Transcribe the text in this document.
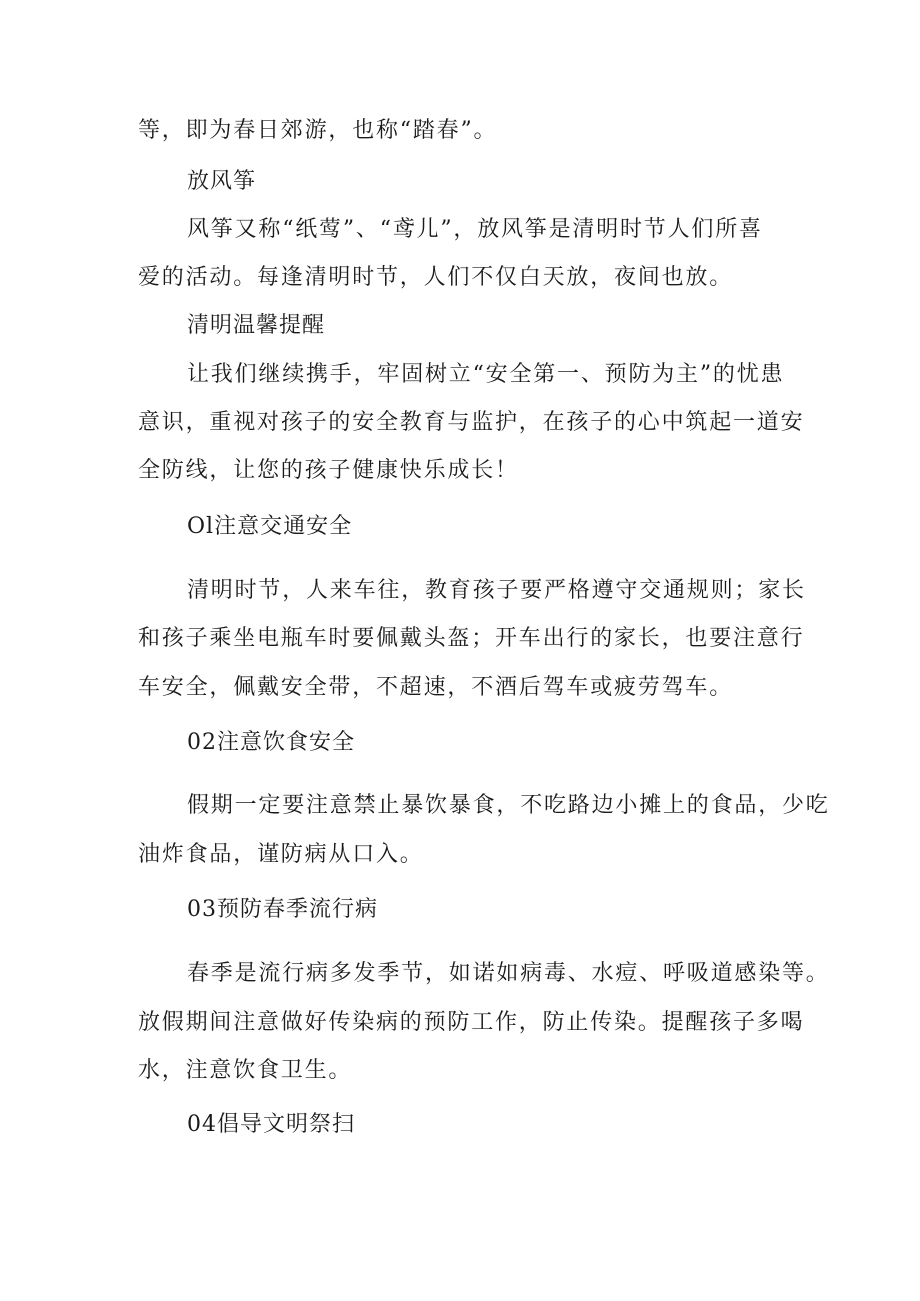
等，即为春日郊游，也称“踏春”。

放风筝

风筝又称“纸莺”、“鸢儿”，放风筝是清明时节人们所喜

爱的活动。每逢清明时节，人们不仅白天放，夜间也放。

清明温馨提醒

让我们继续携手，牢固树立“安全第一、预防为主”的忧患

意识，重视对孩子的安全教育与监护，在孩子的心中筑起一道安

全防线，让您的孩子健康快乐成长！

Ol注意交通安全

清明时节，人来车往，教育孩子要严格遵守交通规则；家长

和孩子乘坐电瓶车时要佩戴头盔；开车出行的家长，也要注意行

车安全，佩戴安全带，不超速，不酒后驾车或疲劳驾车。

02注意饮食安全

假期一定要注意禁止暴饮暴食，不吃路边小摊上的食品，少吃

油炸食品，谨防病从口入。

03预防春季流行病

春季是流行病多发季节，如诺如病毒、水痘、呼吸道感染等。

放假期间注意做好传染病的预防工作，防止传染。提醒孩子多喝

水，注意饮食卫生。

04倡导文明祭扫
